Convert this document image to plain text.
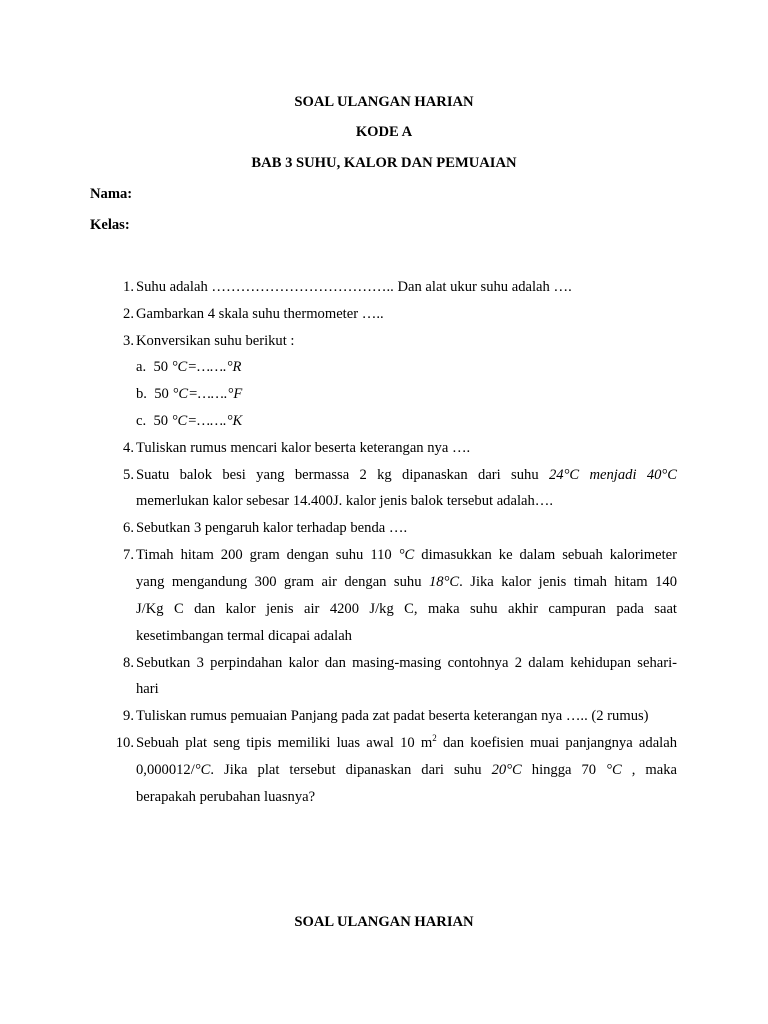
SOAL ULANGAN HARIAN
KODE A
BAB 3 SUHU, KALOR DAN PEMUAIAN
Nama:
Kelas:
1. Suhu adalah ……………………………….. Dan alat ukur suhu adalah ….
2. Gambarkan 4 skala suhu thermometer …..
3. Konversikan suhu berikut :
a. 50 °C=…….°R
b. 50 °C=…….°F
c. 50 °C=…….°K
4. Tuliskan rumus mencari kalor beserta keterangan nya ….
5. Suatu balok besi yang bermassa 2 kg dipanaskan dari suhu 24°C menjadi 40°C
memerlukan kalor sebesar 14.400J. kalor jenis balok tersebut adalah….
6. Sebutkan 3 pengaruh kalor terhadap benda ….
7. Timah hitam 200 gram dengan suhu 110 °C dimasukkan ke dalam sebuah kalorimeter
yang mengandung 300 gram air dengan suhu 18°C. Jika kalor jenis timah hitam 140
J/Kg C dan kalor jenis air 4200 J/kg C, maka suhu akhir campuran pada saat
kesetimbangan termal dicapai adalah
8. Sebutkan 3 perpindahan kalor dan masing-masing contohnya 2 dalam kehidupan sehari-
hari
9. Tuliskan rumus pemuaian Panjang pada zat padat beserta keterangan nya ….. (2 rumus)
10. Sebuah plat seng tipis memiliki luas awal 10 $m^2$ dan koefisien muai panjangnya adalah
0,000012/°C. Jika plat tersebut dipanaskan dari suhu 20°C hingga 70 °C , maka
berapakah perubahan luasnya?
SOAL ULANGAN HARIAN
